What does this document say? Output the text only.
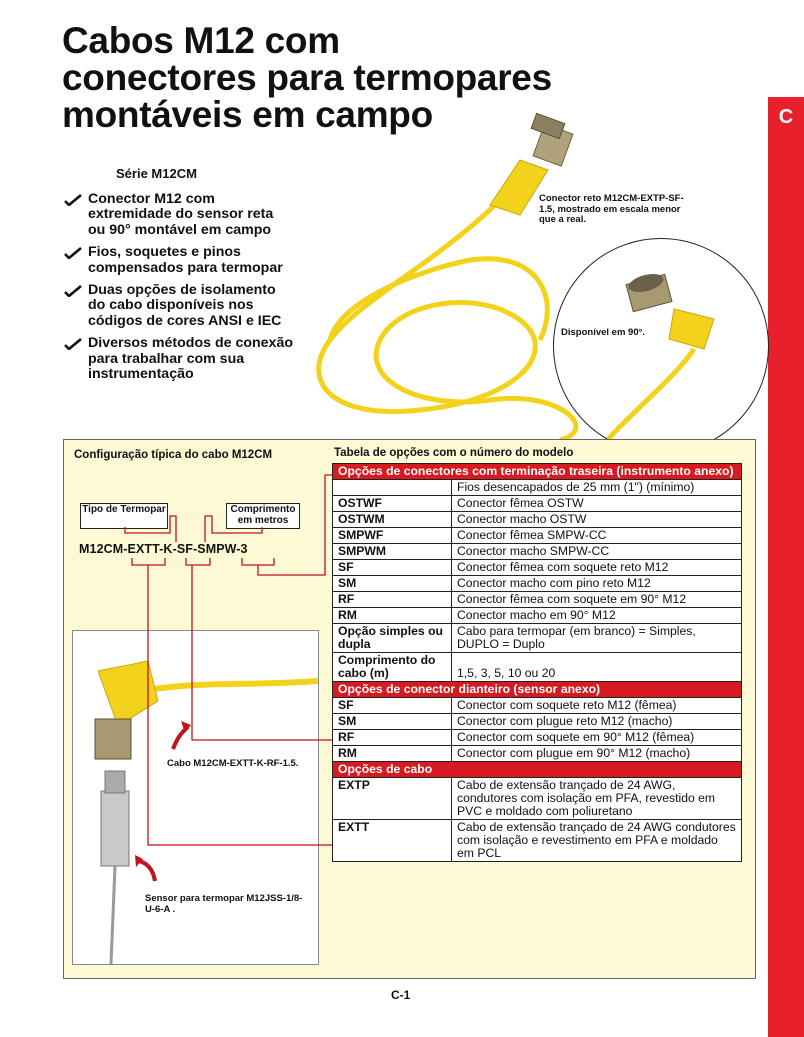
Cabos M12 com
conectores para termopares
montáveis em campo	C
Série M12CM
Conector M12 com extremidade do sensor reta ou 90° montável em campo
Fios, soquetes e pinos compensados para termopar
Duas opções de isolamento do cabo disponíveis nos códigos de cores ANSI e IEC
Diversos métodos de conexão para trabalhar com sua instrumentação
Conector reto M12CM-EXTP-SF-1.5, mostrado em escala menor que a real.
Disponível em 90°.
Configuração típica do cabo M12CM	Tabela de opções com o número do modelo
Tipo de Termopar	Comprimento em metros
M12CM-EXTT-K-SF-SMPW-3
Cabo M12CM-EXTT-K-RF-1.5.
Sensor para termopar M12JSS-1/8-U-6-A .
Opções de conectores com terminação traseira (instrumento anexo)	
	Fios desencapados de 25 mm (1") (mínimo)
OSTWF	Conector fêmea OSTW
OSTWM	Conector macho OSTW
SMPWF	Conector fêmea SMPW-CC
SMPWM	Conector macho SMPW-CC
SF	Conector fêmea com soquete reto M12
SM	Conector macho com pino reto M12
RF	Conector fêmea com soquete em 90° M12
RM	Conector macho em 90° M12
Opção simples ou dupla	Cabo para termopar (em branco) = Simples, DUPLO = Duplo
Comprimento do cabo (m)	1,5, 3, 5, 10 ou 20
Opções de conector dianteiro (sensor anexo)	
SF	Conector com soquete reto M12 (fêmea)
SM	Conector com plugue reto M12 (macho)
RF	Conector com soquete em 90° M12 (fêmea)
RM	Conector com plugue em 90° M12 (macho)
Opções de cabo	
EXTP	Cabo de extensão trançado de 24 AWG, condutores com isolação em PFA, revestido em PVC e moldado com poliuretano
EXTT	Cabo de extensão trançado de 24 AWG condutores com isolação e revestimento em PFA e moldado em PCL
C-1
